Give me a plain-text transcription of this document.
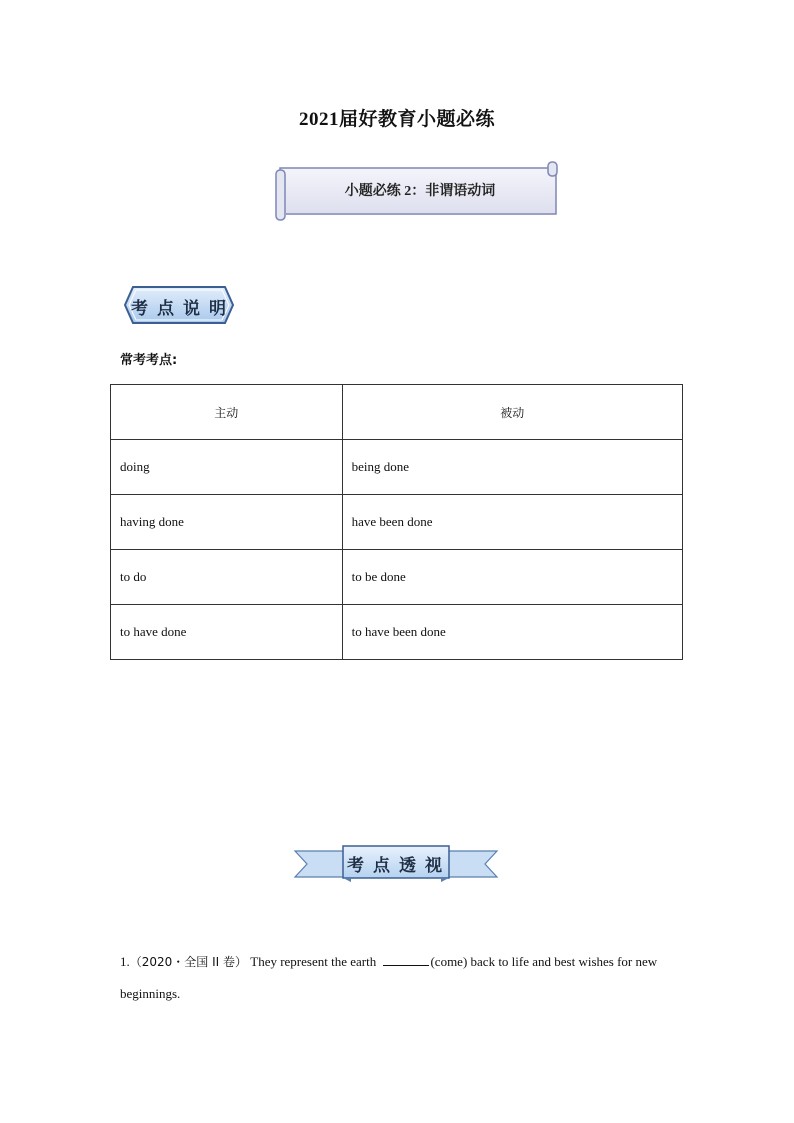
2021届好教育小题必练
小题必练 2：非谓语动词
考点说明
常考考点:
主动	被动
doing	being done
having done	have been done
to do	to be done
to have done	to have been done
考点透视
1.（2020・全国 II 卷） They represent the earth	(come) back to life and best wishes for new beginnings.
